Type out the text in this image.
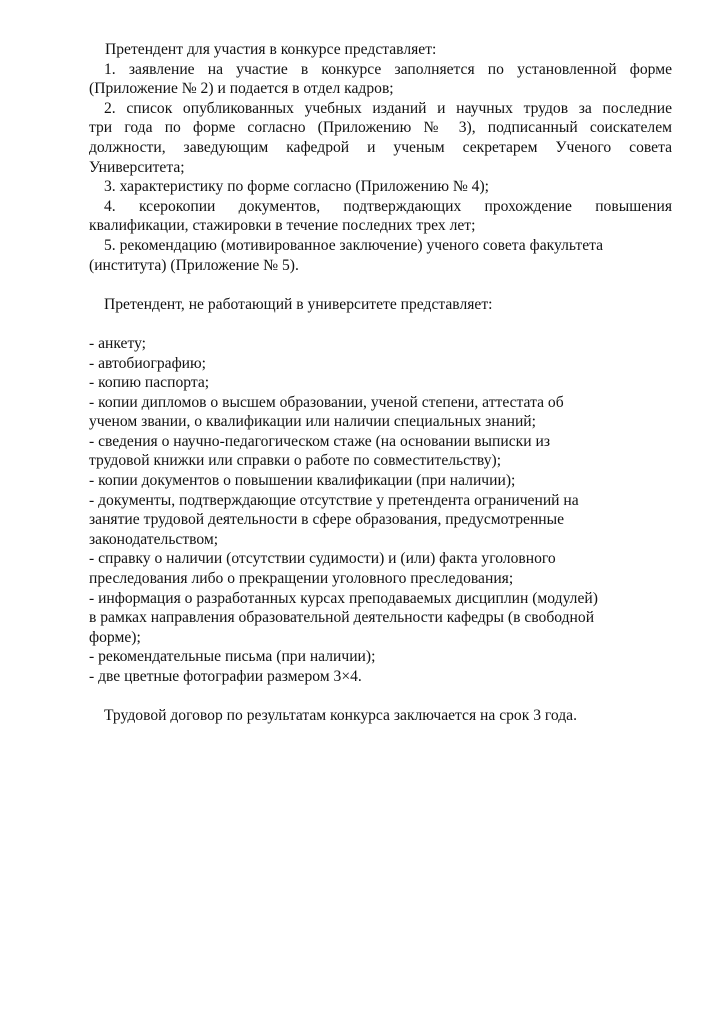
Претендент для участия в конкурсе представляет:
1. заявление на участие в конкурсе заполняется по установленной форме
(Приложение № 2) и подается в отдел кадров;
2. список опубликованных учебных изданий и научных трудов за последние
три года по форме согласно (Приложению № 3), подписанный соискателем
должности, заведующим кафедрой и ученым секретарем Ученого совета
Университета;
3. характеристику по форме согласно (Приложению № 4);
4. ксерокопии документов, подтверждающих прохождение повышения
квалификации, стажировки в течение последних трех лет;
5. рекомендацию (мотивированное заключение) ученого совета факультета
(института) (Приложение № 5).
Претендент, не работающий в университете представляет:
- анкету;
- автобиографию;
- копию паспорта;
- копии дипломов о высшем образовании, ученой степени, аттестата об
ученом звании, о квалификации или наличии специальных знаний;
- сведения о научно-педагогическом стаже (на основании выписки из
трудовой книжки или справки о работе по совместительству);
- копии документов о повышении квалификации (при наличии);
- документы, подтверждающие отсутствие у претендента ограничений на
занятие трудовой деятельности в сфере образования, предусмотренные
законодательством;
- справку о наличии (отсутствии судимости) и (или) факта уголовного
преследования либо о прекращении уголовного преследования;
- информация о разработанных курсах преподаваемых дисциплин (модулей)
в рамках направления образовательной деятельности кафедры (в свободной
форме);
- рекомендательные письма (при наличии);
- две цветные фотографии размером 3×4.
Трудовой договор по результатам конкурса заключается на срок 3 года.
